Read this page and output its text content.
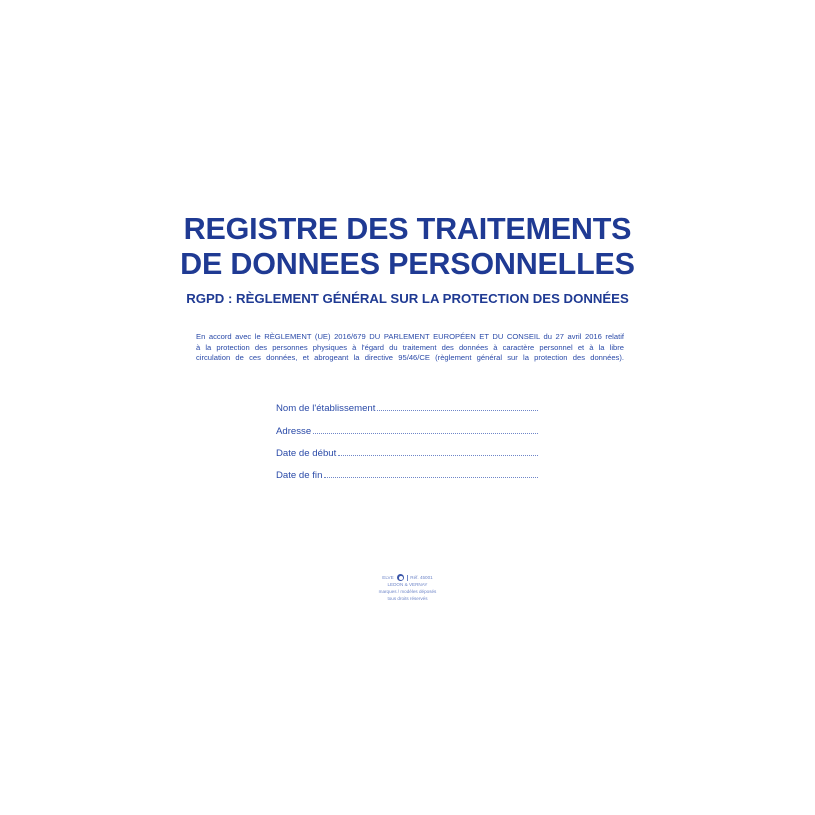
REGISTRE DES TRAITEMENTS
DE DONNEES PERSONNELLES
RGPD : RÈGLEMENT GÉNÉRAL SUR LA PROTECTION DES DONNÉES
En accord avec le RÈGLEMENT (UE) 2016/679 DU PARLEMENT EUROPÉEN ET DU CONSEIL du 27 avril 2016 relatif
à la protection des personnes physiques à l'égard du traitement des données à caractère personnel et à la libre
circulation de ces données, et abrogeant la directive 95/46/CE (règlement général sur la protection des données).
Nom de l'établissement
Adresse
Date de début
Date de fin
ELVE	Réf. 45001
LEDON & VERNAY
marques / modèles déposés
tous droits réservés
